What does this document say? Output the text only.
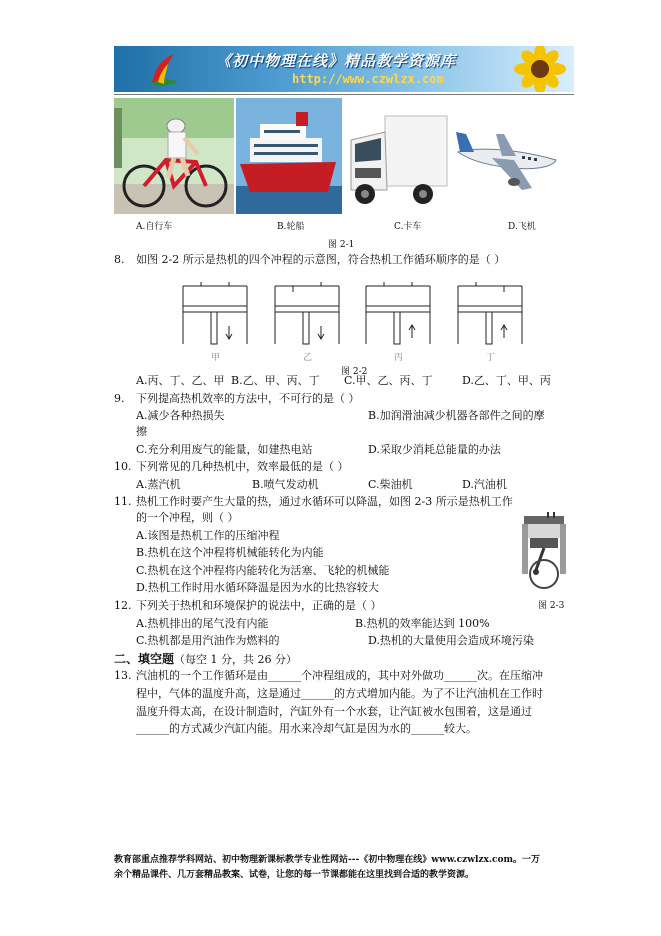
《初中物理在线》精品教学资源库
http://www.czwlzx.com
A.自行车	B.轮船	C.卡车	D.飞机
图 2-1
8. 如图 2-2 所示是热机的四个冲程的示意图，符合热机工作循环顺序的是（ ）
甲	乙	丙	丁
图 2-2
A.丙、丁、乙、甲 B.乙、甲、丙、丁 C.甲、乙、丙、丁	D.乙、丁、甲、丙
9. 下列提高热机效率的方法中，不可行的是（ ）
A.减少各种热损失	B.加润滑油减少机器各部件之间的摩
擦
C.充分利用废气的能量，如建热电站	D.采取少消耗总能量的办法
10. 下列常见的几种热机中，效率最低的是（ ）
A.蒸汽机	B.喷气发动机	C.柴油机	D.汽油机
11. 热机工作时要产生大量的热，通过水循环可以降温，如图 2-3 所示是热机工作
的一个冲程，则（ ）
A.该图是热机工作的压缩冲程
B.热机在这个冲程将机械能转化为内能
C.热机在这个冲程将内能转化为活塞、飞轮的机械能
D.热机工作时用水循环降温是因为水的比热容较大
图 2-3
12. 下列关于热机和环境保护的说法中，正确的是（ ）
A.热机排出的尾气没有内能	B.热机的效率能达到 100%
C.热机都是用汽油作为燃料的	D.热机的大量使用会造成环境污染
二、填空题（每空 1 分，共 26 分）
13. 汽油机的一个工作循环是由______个冲程组成的，其中对外做功______次。在压缩冲
程中，气体的温度升高，这是通过______的方式增加内能。为了不让汽油机在工作时
温度升得太高，在设计制造时，汽缸外有一个水套，让汽缸被水包围着，这是通过
______的方式减少汽缸内能。用水来冷却气缸是因为水的______较大。
教育部重点推荐学科网站、初中物理新课标教学专业性网站---《初中物理在线》www.czwlzx.com。一万
余个精品课件、几万套精品教案、试卷，让您的每一节课都能在这里找到合适的教学资源。
